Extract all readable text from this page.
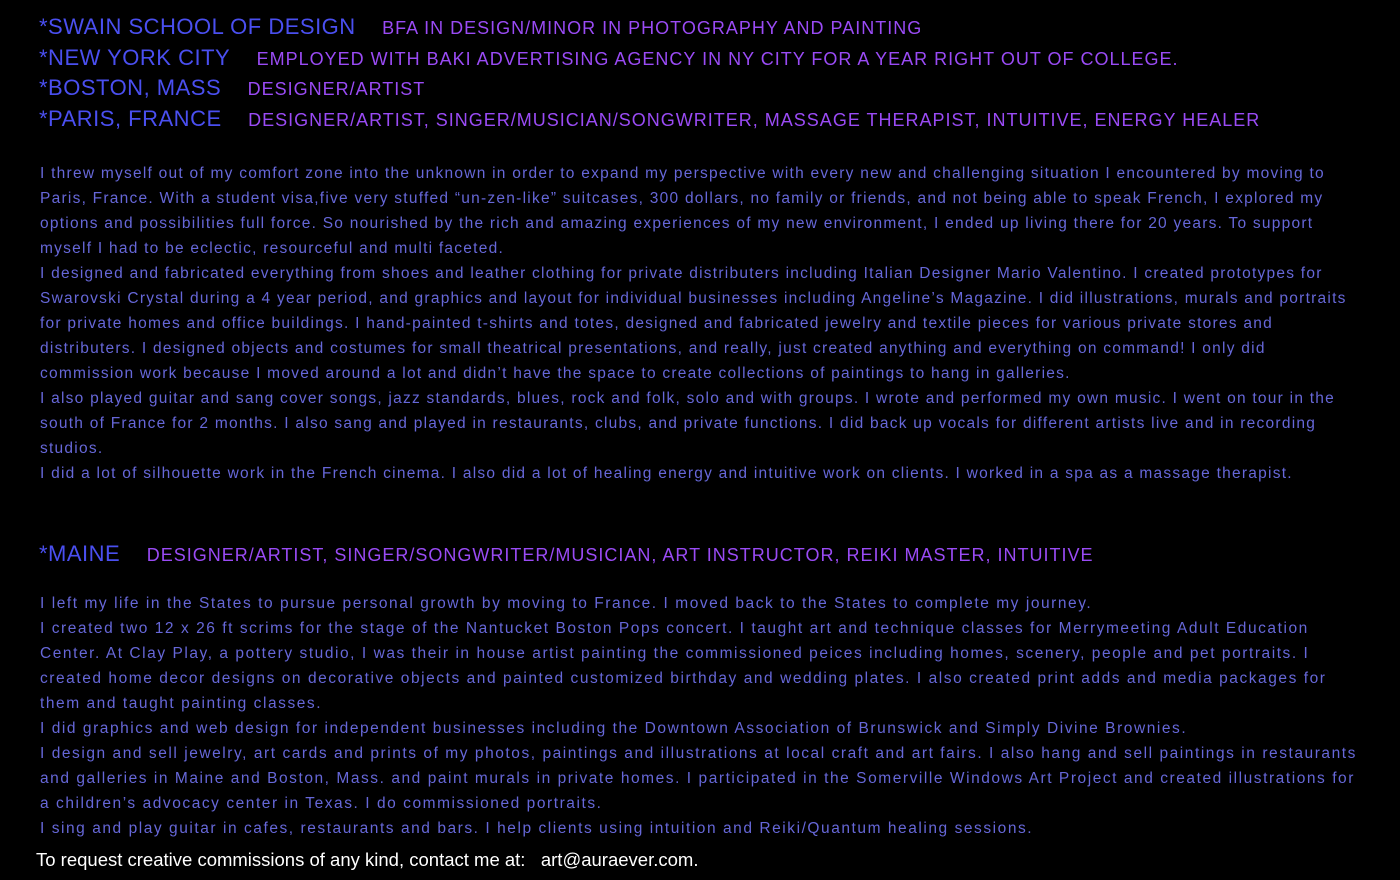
*SWAIN SCHOOL OF DESIGN BFA IN DESIGN/MINOR IN PHOTOGRAPHY AND PAINTING
*NEW YORK CITY EMPLOYED WITH BAKI ADVERTISING AGENCY IN NY CITY FOR A YEAR RIGHT OUT OF COLLEGE.
*BOSTON, MASS DESIGNER/ARTIST
*PARIS, FRANCE DESIGNER/ARTIST, SINGER/MUSICIAN/SONGWRITER, MASSAGE THERAPIST, INTUITIVE, ENERGY HEALER

I threw myself out of my comfort zone into the unknown in order to expand my perspective with every new and challenging situation I encountered by moving to Paris, France. With a student visa,five very stuffed “un-zen-like” suitcases, 300 dollars, no family or friends, and not being able to speak French, I explored my options and possibilities full force. So nourished by the rich and amazing experiences of my new environment, I ended up living there for 20 years. To support myself I had to be eclectic, resourceful and multi faceted.

I designed and fabricated everything from shoes and leather clothing for private distributers including Italian Designer Mario Valentino. I created prototypes for Swarovski Crystal during a 4 year period, and graphics and layout for individual businesses including Angeline’s Magazine. I did illustrations, murals and portraits for private homes and office buildings. I hand-painted t-shirts and totes, designed and fabricated jewelry and textile pieces for various private stores and distributers. I designed objects and costumes for small theatrical presentations, and really, just created anything and everything on command! I only did commission work because I moved around a lot and didn’t have the space to create collections of paintings to hang in galleries.

I also played guitar and sang cover songs, jazz standards, blues, rock and folk, solo and with groups. I wrote and performed my own music. I went on tour in the south of France for 2 months. I also sang and played in restaurants, clubs, and private functions. I did back up vocals for different artists live and in recording studios.

I did a lot of silhouette work in the French cinema. I also did a lot of healing energy and intuitive work on clients. I worked in a spa as a massage therapist.

*MAINE DESIGNER/ARTIST, SINGER/SONGWRITER/MUSICIAN, ART INSTRUCTOR, REIKI MASTER, INTUITIVE

I left my life in the States to pursue personal growth by moving to France. I moved back to the States to complete my journey.

I created two 12 x 26 ft scrims for the stage of the Nantucket Boston Pops concert. I taught art and technique classes for Merrymeeting Adult Education Center. At Clay Play, a pottery studio, I was their in house artist painting the commissioned peices including homes, scenery, people and pet portraits. I created home decor designs on decorative objects and painted customized birthday and wedding plates. I also created print adds and media packages for them and taught painting classes.

I did graphics and web design for independent businesses including the Downtown Association of Brunswick and Simply Divine Brownies.

I design and sell jewelry, art cards and prints of my photos, paintings and illustrations at local craft and art fairs. I also hang and sell paintings in restaurants and galleries in Maine and Boston, Mass. and paint murals in private homes. I participated in the Somerville Windows Art Project and created illustrations for a children’s advocacy center in Texas. I do commissioned portraits.

I sing and play guitar in cafes, restaurants and bars. I help clients using intuition and Reiki/Quantum healing sessions.

To request creative commissions of any kind, contact me at: art@auraever.com.
